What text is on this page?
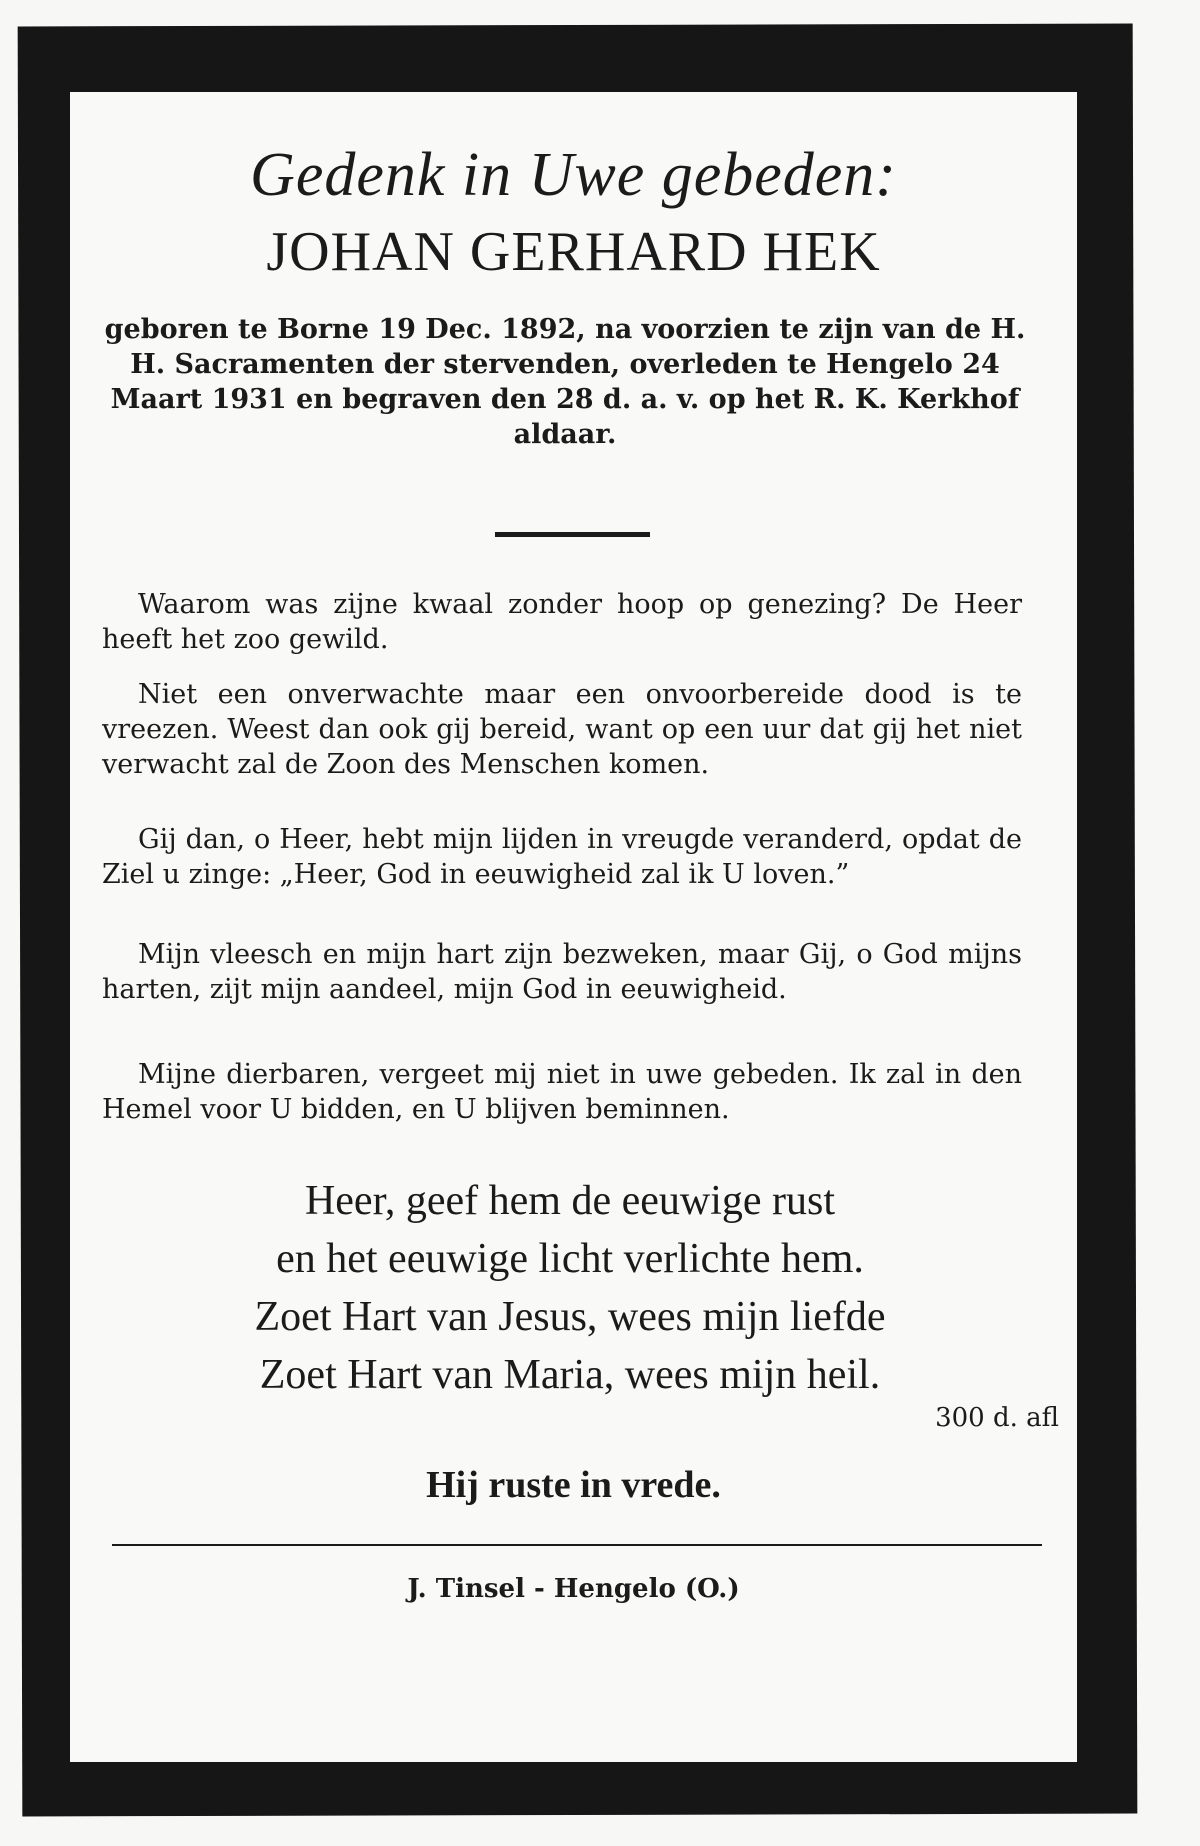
Gedenk in Uwe gebeden:
JOHAN GERHARD HEK
geboren te Borne 19 Dec. 1892, na voorzien te zijn van de H. H. Sacramenten der stervenden, overleden te Hengelo 24 Maart 1931 en begraven den 28 d. a. v. op het R. K. Kerkhof aldaar.
Waarom was zijne kwaal zonder hoop op genezing? De Heer heeft het zoo gewild.
Niet een onverwachte maar een onvoorbereide dood is te vreezen. Weest dan ook gij bereid, want op een uur dat gij het niet verwacht zal de Zoon des Menschen komen.
Gij dan, o Heer, hebt mijn lijden in vreugde veranderd, opdat de Ziel u zinge: „Heer, God in eeuwigheid zal ik U loven.”
Mijn vleesch en mijn hart zijn bezweken, maar Gij, o God mijns harten, zijt mijn aandeel, mijn God in eeuwigheid.
Mijne dierbaren, vergeet mij niet in uwe gebeden. Ik zal in den Hemel voor U bidden, en U blijven beminnen.
Heer, geef hem de eeuwige rust
en het eeuwige licht verlichte hem.
Zoet Hart van Jesus, wees mijn liefde
Zoet Hart van Maria, wees mijn heil.
300 d. afl
Hij ruste in vrede.
J. Tinsel - Hengelo (O.)
